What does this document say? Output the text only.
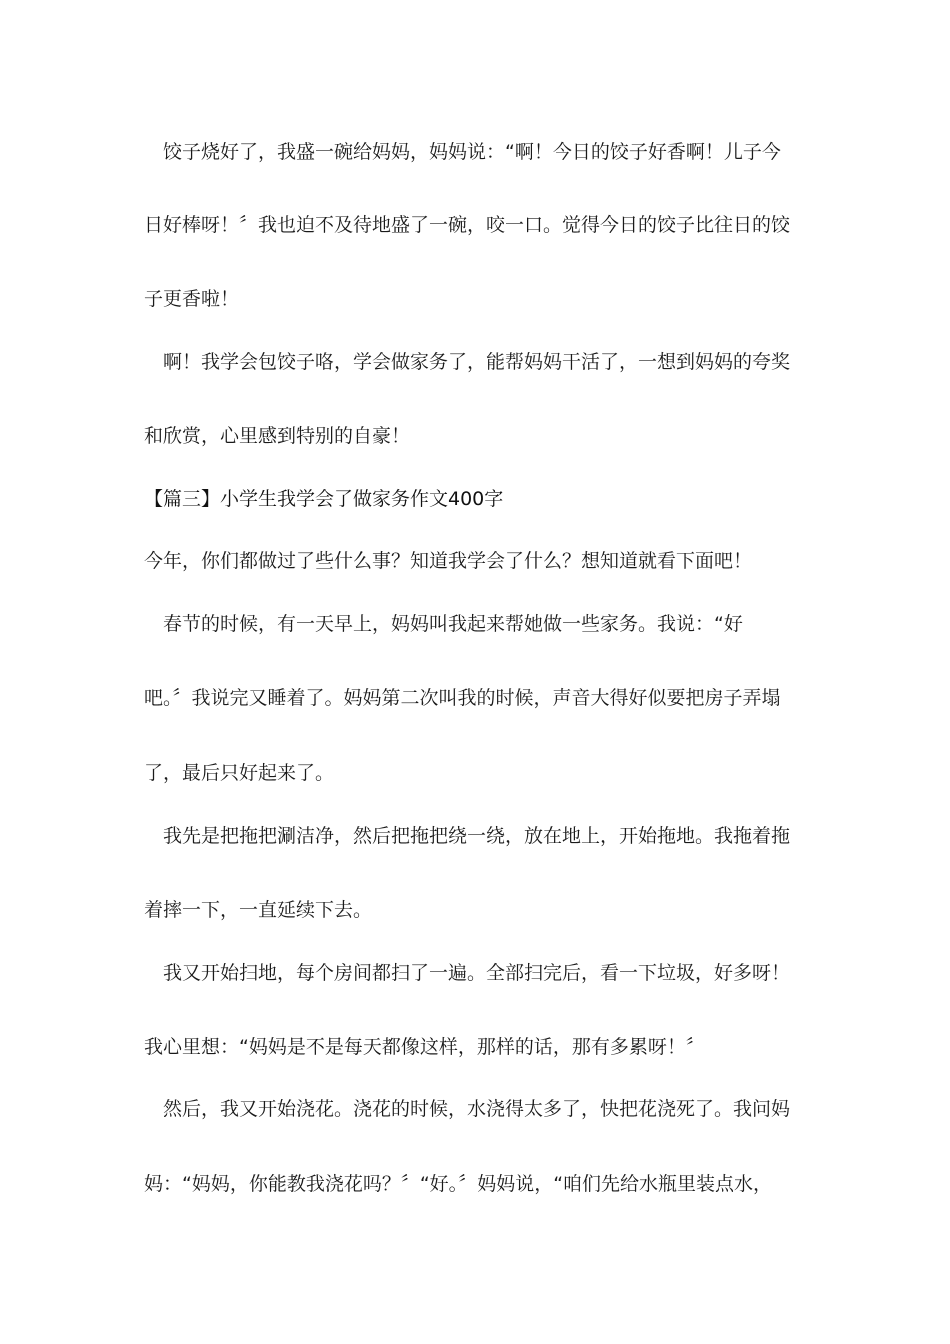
　饺子烧好了，我盛一碗给妈妈，妈妈说：“啊！今日的饺子好香啊！儿子今
日好棒呀！〞我也迫不及待地盛了一碗，咬一口。觉得今日的饺子比往日的饺
子更香啦！
　啊！我学会包饺子咯，学会做家务了，能帮妈妈干活了，一想到妈妈的夸奖
和欣赏，心里感到特别的自豪！
【篇三】小学生我学会了做家务作文400字
今年，你们都做过了些什么事？知道我学会了什么？想知道就看下面吧！
　春节的时候，有一天早上，妈妈叫我起来帮她做一些家务。我说：“好
吧。〞我说完又睡着了。妈妈第二次叫我的时候，声音大得好似要把房子弄塌
了，最后只好起来了。
　我先是把拖把涮洁净，然后把拖把绕一绕，放在地上，开始拖地。我拖着拖
着摔一下，一直延续下去。
　我又开始扫地，每个房间都扫了一遍。全部扫完后，看一下垃圾，好多呀！
我心里想：“妈妈是不是每天都像这样，那样的话，那有多累呀！〞
　然后，我又开始浇花。浇花的时候，水浇得太多了，快把花浇死了。我问妈
妈：“妈妈，你能教我浇花吗？〞“好。〞妈妈说，“咱们先给水瓶里装点水，
